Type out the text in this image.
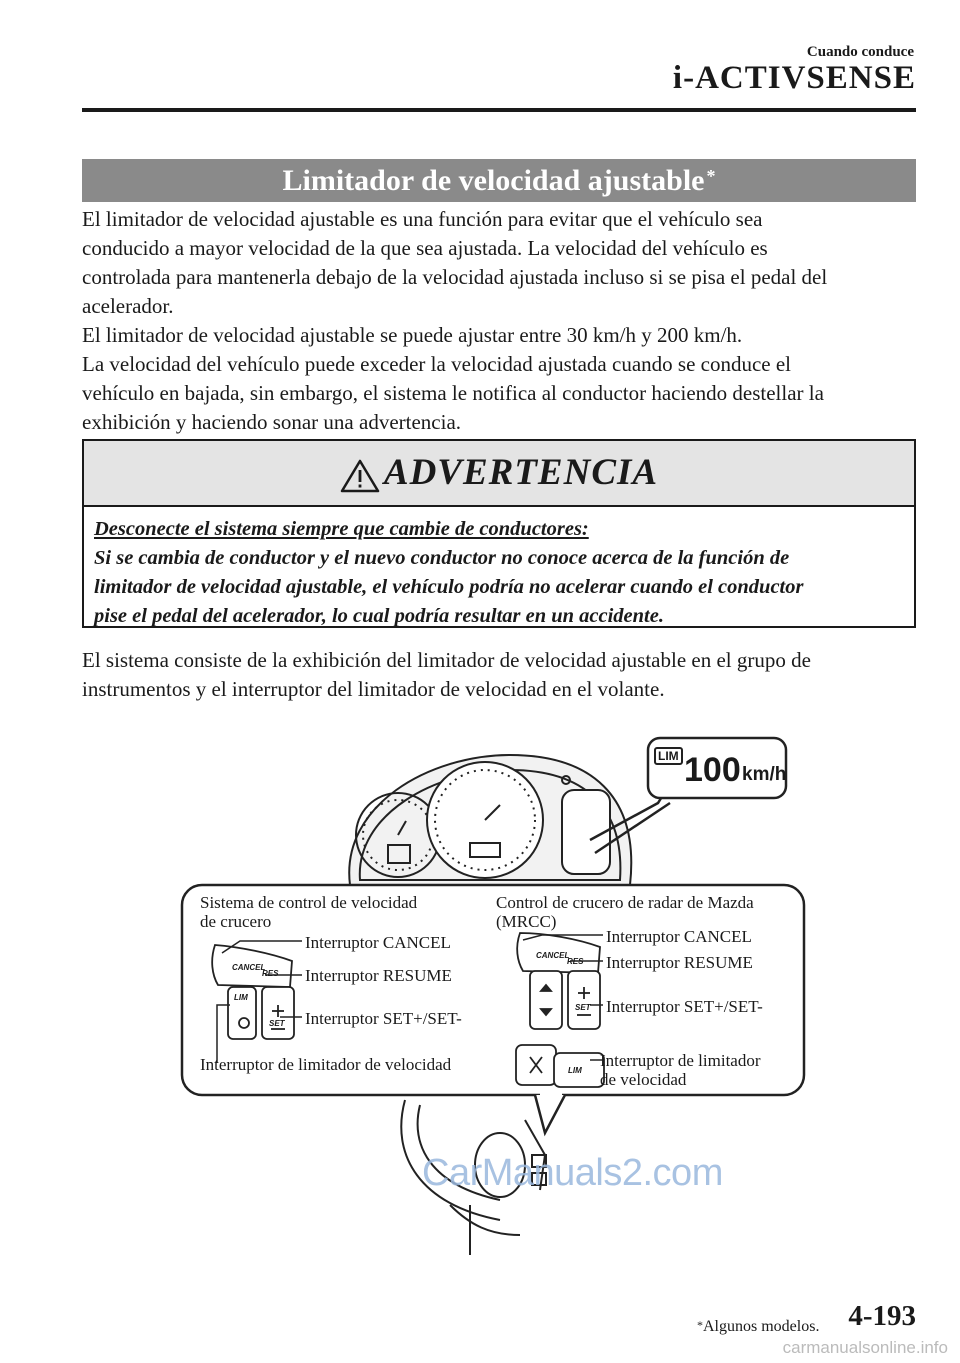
Cuando conduce
i-ACTIVSENSE
Limitador de velocidad ajustable *

El limitador de velocidad ajustable es una función para evitar que el vehículo sea

conducido a mayor velocidad de la que sea ajustada. La velocidad del vehículo es

controlada para mantenerla debajo de la velocidad ajustada incluso si se pisa el pedal del

acelerador.

El limitador de velocidad ajustable se puede ajustar entre 30 km/h y 200 km/h.

La velocidad del vehículo puede exceder la velocidad ajustada cuando se conduce el

vehículo en bajada, sin embargo, el sistema le notifica al conductor haciendo destellar la

exhibición y haciendo sonar una advertencia.

ADVERTENCIA
Desconecte el sistema siempre que cambie de conductores:
Si se cambia de conductor y el nuevo conductor no conoce acerca de la función de
limitador de velocidad ajustable, el vehículo podría no acelerar cuando el conductor
pise el pedal del acelerador, lo cual podría resultar en un accidente.

El sistema consiste de la exhibición del limitador de velocidad ajustable en el grupo de

instrumentos y el interruptor del limitador de velocidad en el volante.

LIM 100 km/h
CANCEL
RES
LIM
SET
CANCEL
RES
SET
LIM
Sistema de control de velocidad
de crucero
Interruptor CANCEL
Interruptor RESUME
Interruptor SET+/SET-
Interruptor de limitador de velocidad
Control de crucero de radar de Mazda
(MRCC)
Interruptor CANCEL
Interruptor RESUME
Interruptor SET+/SET-
Interruptor de limitador
de velocidad
CarManuals2.com
*Algunos modelos. 4-193
carmanualsonline.info
